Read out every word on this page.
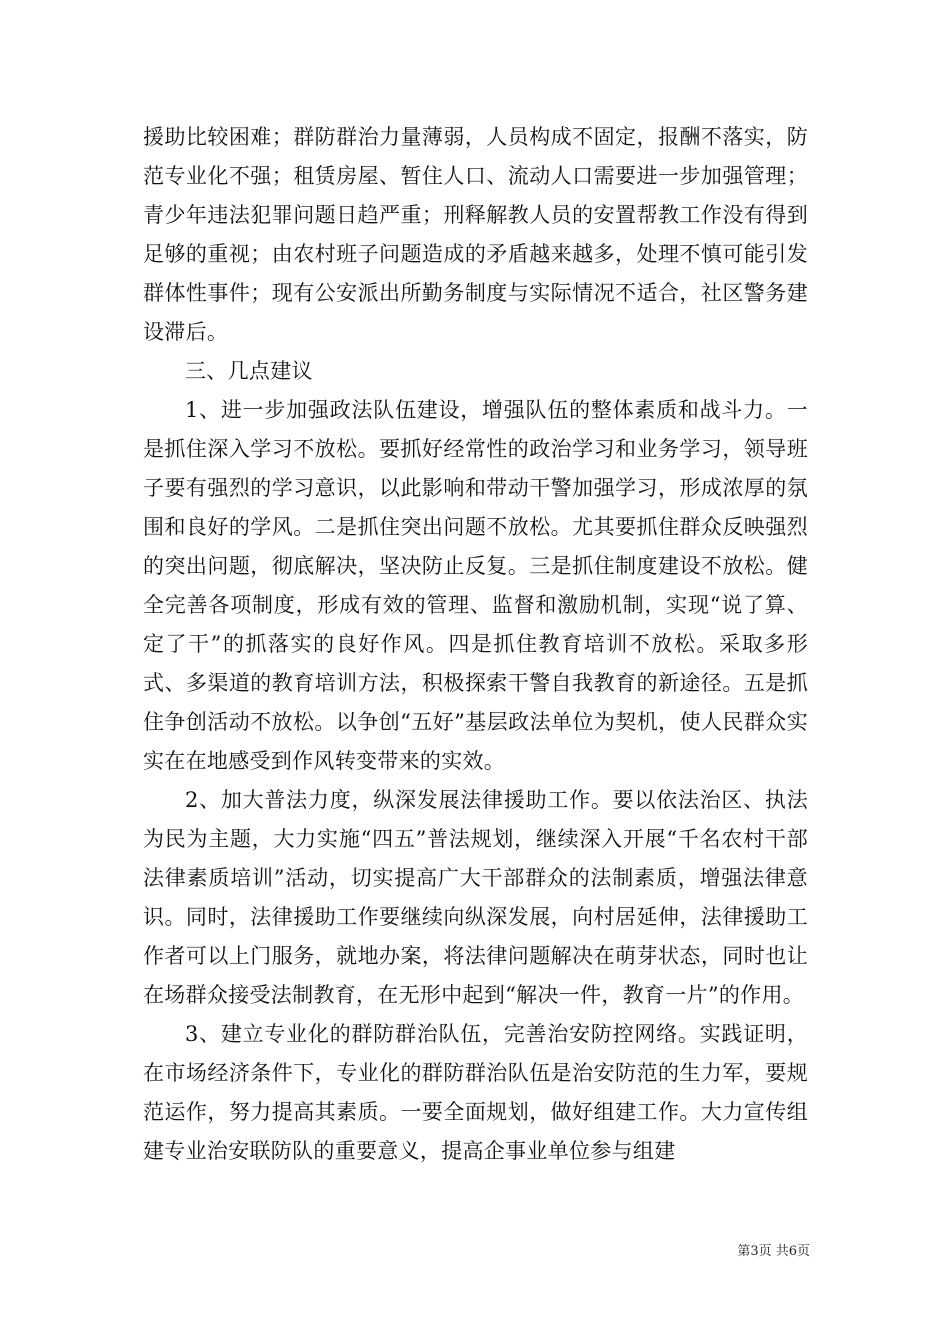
援助比较困难；群防群治力量薄弱，人员构成不固定，报酬不落实，防范专业化不强；租赁房屋、暂住人口、流动人口需要进一步加强管理；青少年违法犯罪问题日趋严重；刑释解教人员的安置帮教工作没有得到足够的重视；由农村班子问题造成的矛盾越来越多，处理不慎可能引发群体性事件；现有公安派出所勤务制度与实际情况不适合，社区警务建设滞后。

三、几点建议

1、进一步加强政法队伍建设，增强队伍的整体素质和战斗力。一是抓住深入学习不放松。要抓好经常性的政治学习和业务学习，领导班子要有强烈的学习意识，以此影响和带动干警加强学习，形成浓厚的氛围和良好的学风。二是抓住突出问题不放松。尤其要抓住群众反映强烈的突出问题，彻底解决，坚决防止反复。三是抓住制度建设不放松。健全完善各项制度，形成有效的管理、监督和激励机制，实现“说了算、定了干”的抓落实的良好作风。四是抓住教育培训不放松。采取多形式、多渠道的教育培训方法，积极探索干警自我教育的新途径。五是抓住争创活动不放松。以争创“五好”基层政法单位为契机，使人民群众实实在在地感受到作风转变带来的实效。

2、加大普法力度，纵深发展法律援助工作。要以依法治区、执法为民为主题，大力实施“四五”普法规划，继续深入开展“千名农村干部法律素质培训”活动，切实提高广大干部群众的法制素质，增强法律意识。同时，法律援助工作要继续向纵深发展，向村居延伸，法律援助工作者可以上门服务，就地办案，将法律问题解决在萌芽状态，同时也让在场群众接受法制教育，在无形中起到“解决一件，教育一片”的作用。

3、建立专业化的群防群治队伍，完善治安防控网络。实践证明，在市场经济条件下，专业化的群防群治队伍是治安防范的生力军，要规范运作，努力提高其素质。一要全面规划，做好组建工作。大力宣传组建专业治安联防队的重要意义，提高企事业单位参与组建

第3页 共6页
